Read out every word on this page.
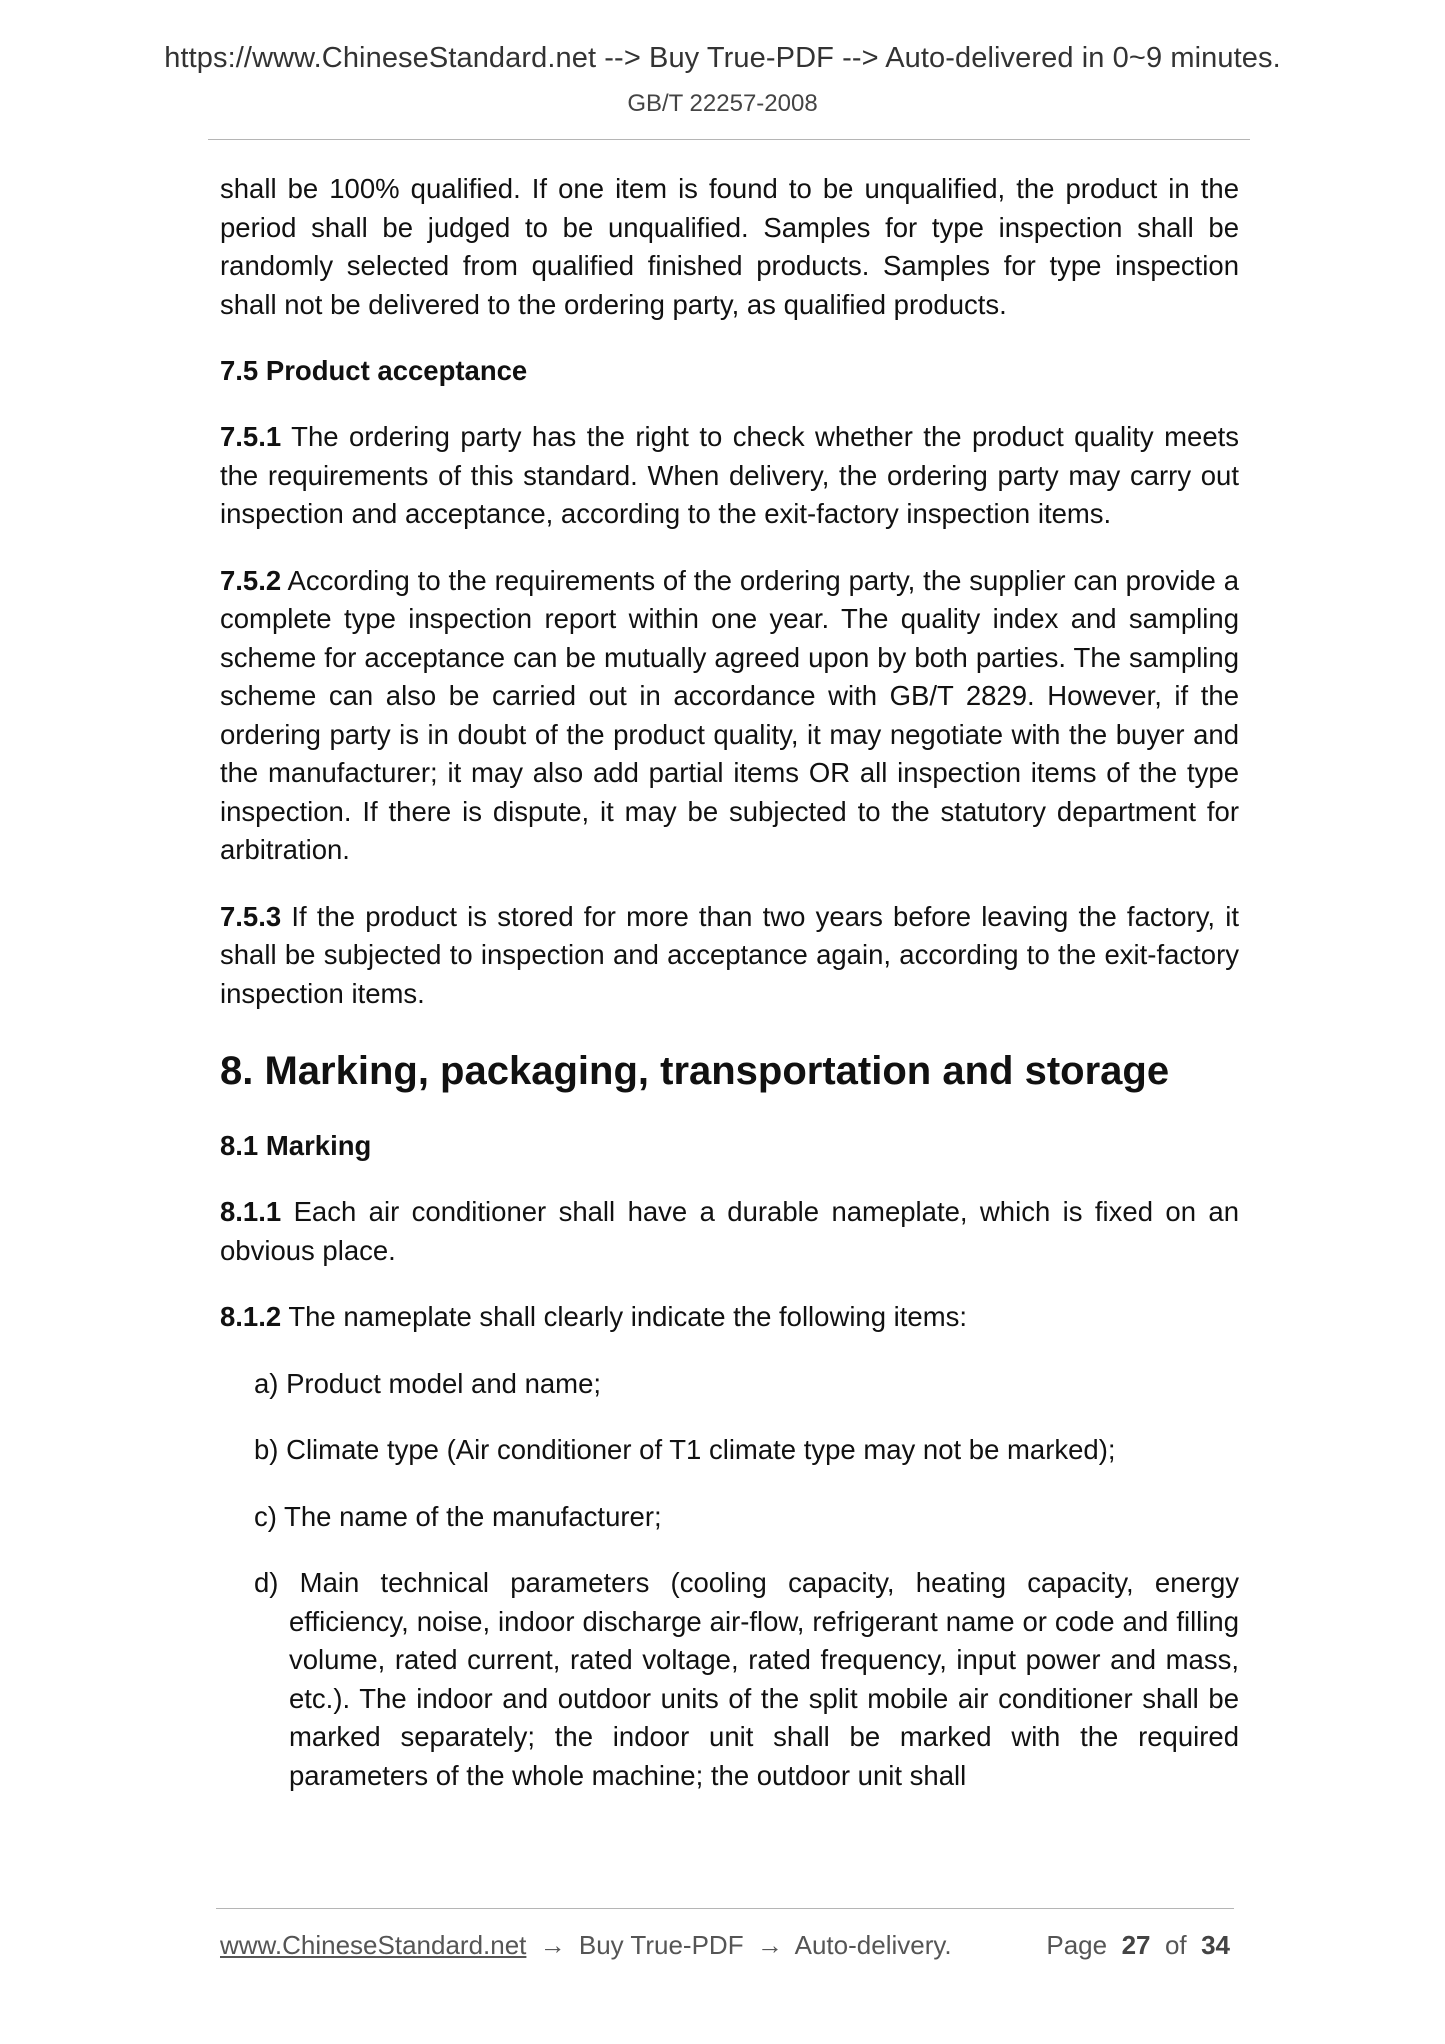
https://www.ChineseStandard.net --> Buy True-PDF --> Auto-delivered in 0~9 minutes.
GB/T 22257-2008

shall be 100% qualified. If one item is found to be unqualified, the product in the period shall be judged to be unqualified. Samples for type inspection shall be randomly selected from qualified finished products. Samples for type inspection shall not be delivered to the ordering party, as qualified products.

7.5 Product acceptance

7.5.1 The ordering party has the right to check whether the product quality meets the requirements of this standard. When delivery, the ordering party may carry out inspection and acceptance, according to the exit-factory inspection items.

7.5.2 According to the requirements of the ordering party, the supplier can provide a complete type inspection report within one year. The quality index and sampling scheme for acceptance can be mutually agreed upon by both parties. The sampling scheme can also be carried out in accordance with GB/T 2829. However, if the ordering party is in doubt of the product quality, it may negotiate with the buyer and the manufacturer; it may also add partial items OR all inspection items of the type inspection. If there is dispute, it may be subjected to the statutory department for arbitration.

7.5.3 If the product is stored for more than two years before leaving the factory, it shall be subjected to inspection and acceptance again, according to the exit-factory inspection items.

8. Marking, packaging, transportation and storage
8.1 Marking

8.1.1 Each air conditioner shall have a durable nameplate, which is fixed on an obvious place.

8.1.2 The nameplate shall clearly indicate the following items:

a) Product model and name;

b) Climate type (Air conditioner of T1 climate type may not be marked);

c) The name of the manufacturer;

d) Main technical parameters (cooling capacity, heating capacity, energy efficiency, noise, indoor discharge air-flow, refrigerant name or code and filling volume, rated current, rated voltage, rated frequency, input power and mass, etc.). The indoor and outdoor units of the split mobile air conditioner shall be marked separately; the indoor unit shall be marked with the required parameters of the whole machine; the outdoor unit shall

www.ChineseStandard.net → Buy True-PDF → Auto-delivery.	Page 27 of 34
